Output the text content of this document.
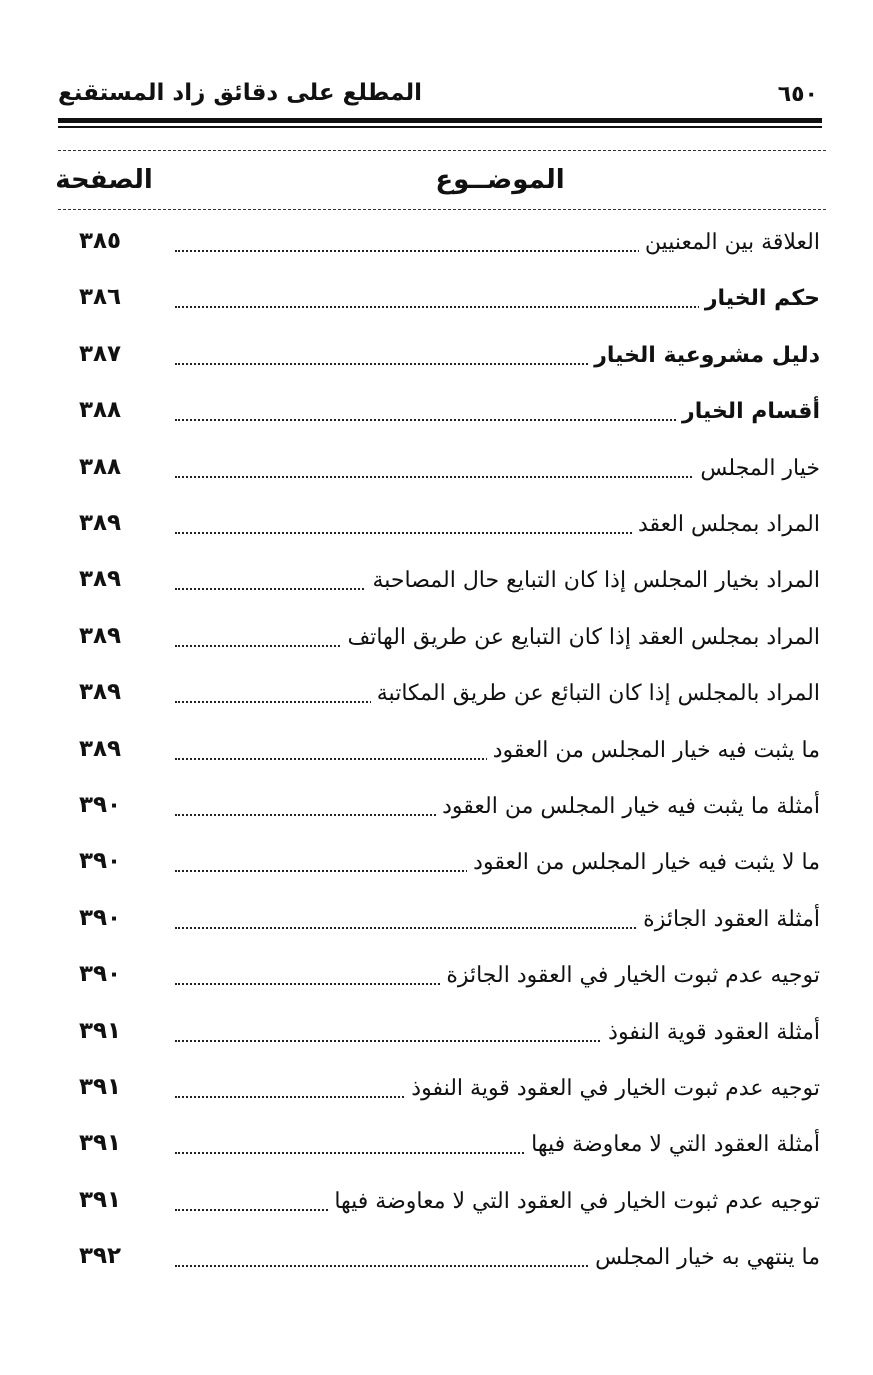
المطلع على دقائق زاد المستقنع	٦٥٠
الموضــوع
الصفحة
العلاقة بين المعنيين
٣٨٥
حكم الخيار
٣٨٦
دليل مشروعية الخيار
٣٨٧
أقسام الخيار
٣٨٨
خيار المجلس
٣٨٨
المراد بمجلس العقد
٣٨٩
المراد بخيار المجلس إذا كان التبايع حال المصاحبة
٣٨٩
المراد بمجلس العقد إذا كان التبايع عن طريق الهاتف
٣٨٩
المراد بالمجلس إذا كان التبائع عن طريق المكاتبة
٣٨٩
ما يثبت فيه خيار المجلس من العقود
٣٨٩
أمثلة ما يثبت فيه خيار المجلس من العقود
٣٩٠
ما لا يثبت فيه خيار المجلس من العقود
٣٩٠
أمثلة العقود الجائزة
٣٩٠
توجيه عدم ثبوت الخيار في العقود الجائزة
٣٩٠
أمثلة العقود قوية النفوذ
٣٩١
توجيه عدم ثبوت الخيار في العقود قوية النفوذ
٣٩١
أمثلة العقود التي لا معاوضة فيها
٣٩١
توجيه عدم ثبوت الخيار في العقود التي لا معاوضة فيها
٣٩١
ما ينتهي به خيار المجلس
٣٩٢
